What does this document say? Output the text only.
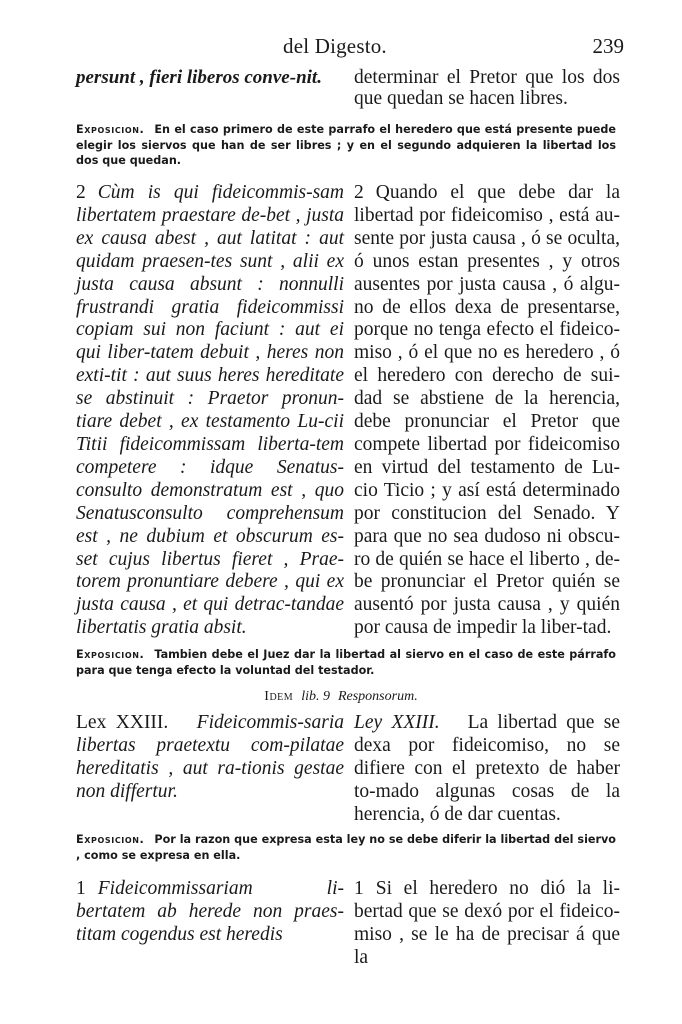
del Digesto.	239

persunt , fieri liberos conve-nit.	determinar el Pretor que los dos que quedan se hacen libres.

Exposicion. En el caso primero de este parrafo el heredero que está presente puede elegir los siervos que han de ser libres ; y en el segundo adquieren la libertad los dos que quedan.

2 Cùm is qui fideicommis-sam libertatem praestare de-bet , justa ex causa abest , aut latitat : aut quidam praesen-tes sunt , alii ex justa causa absunt : nonnulli frustrandi gratia fideicommissi copiam sui non faciunt : aut ei qui liber-tatem debuit , heres non exti-tit : aut suus heres hereditate se abstinuit : Praetor pronun-tiare debet , ex testamento Lu-cii Titii fideicommissam liberta-tem competere : idque Senatus-consulto demonstratum est , quo Senatusconsulto comprehensum est , ne dubium et obscurum es-set cujus libertus fieret , Prae-torem pronuntiare debere , qui ex justa causa , et qui detrac-tandae libertatis gratia absit.

2 Quando el que debe dar la libertad por fideicomiso , está au-sente por justa causa , ó se oculta, ó unos estan presentes , y otros ausentes por justa causa , ó algu-no de ellos dexa de presentarse, porque no tenga efecto el fideico-miso , ó el que no es heredero , ó el heredero con derecho de sui-dad se abstiene de la herencia, debe pronunciar el Pretor que compete libertad por fideicomiso en virtud del testamento de Lu-cio Ticio ; y así está determinado por constitucion del Senado. Y para que no sea dudoso ni obscu-ro de quién se hace el liberto , de-be pronunciar el Pretor quién se ausentó por justa causa , y quién por causa de impedir la liber-tad.

Exposicion. Tambien debe el Juez dar la libertad al siervo en el caso de este párrafo para que tenga efecto la voluntad del testador.

Idem lib. 9 Responsorum.

Lex XXIII. Fideicommis-saria libertas praetextu com-pilatae hereditatis , aut ra-tionis gestae non differtur.

Ley XXIII. La libertad que se dexa por fideicomiso, no se difiere con el pretexto de haber to-mado algunas cosas de la herencia, ó de dar cuentas.

Exposicion. Por la razon que expresa esta ley no se debe diferir la libertad del siervo , como se expresa en ella.

1 Fideicommissariam li-bertatem ab herede non praes-titam cogendus est heredis

1 Si el heredero no dió la li-bertad que se dexó por el fideico-miso , se le ha de precisar á que la
